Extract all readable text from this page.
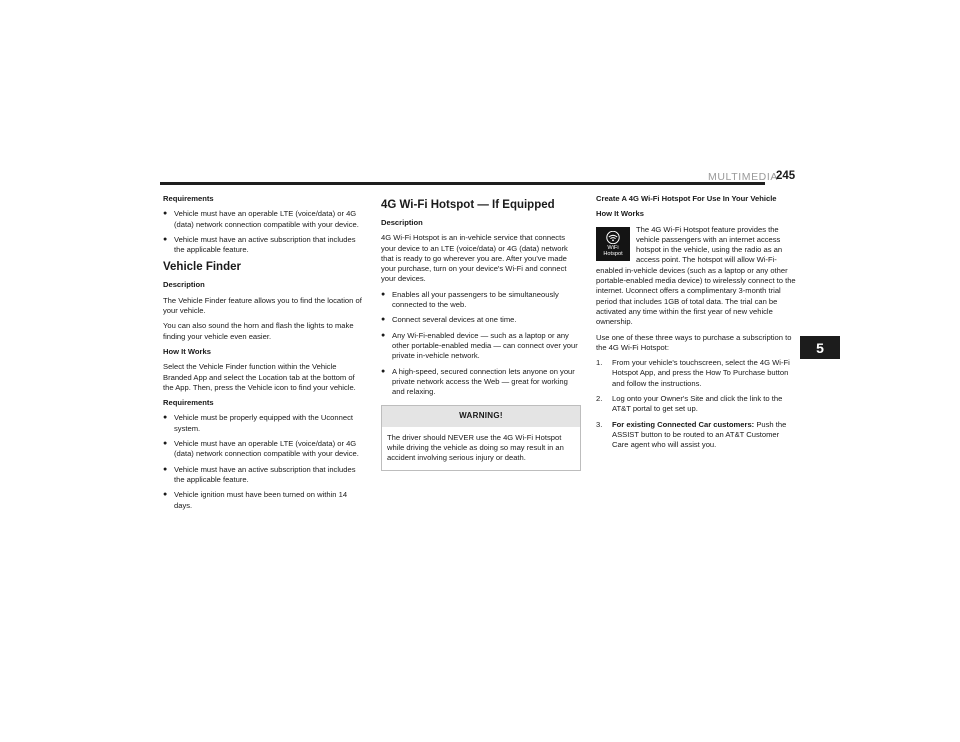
MULTIMEDIA
245
5

Requirements

● Vehicle must have an operable LTE (voice/data) or 4G (data) network connection compatible with your device.
● Vehicle must have an active subscription that includes the applicable feature.
Vehicle Finder

Description

The Vehicle Finder feature allows you to find the location of your vehicle.

You can also sound the horn and flash the lights to make finding your vehicle even easier.

How It Works

Select the Vehicle Finder function within the Vehicle Branded App and select the Location tab at the bottom of the App. Then, press the Vehicle icon to find your vehicle.

Requirements

● Vehicle must be properly equipped with the Uconnect system.
● Vehicle must have an operable LTE (voice/data) or 4G (data) network connection compatible with your device.
● Vehicle must have an active subscription that includes the applicable feature.
● Vehicle ignition must have been turned on within 14 days.
4G Wi-Fi Hotspot — If Equipped

Description

4G Wi-Fi Hotspot is an in-vehicle service that connects your device to an LTE (voice/data) or 4G (data) network that is ready to go wherever you are. After you've made your purchase, turn on your device's Wi-Fi and connect your devices.

● Enables all your passengers to be simultaneously connected to the web.
● Connect several devices at one time.
● Any Wi-Fi-enabled device — such as a laptop or any other portable-enabled media — can connect over your private in-vehicle network.
● A high-speed, secured connection lets anyone on your private network access the Web — great for working and relaxing.
WARNING!
The driver should NEVER use the 4G Wi-Fi Hotspot while driving the vehicle as doing so may result in an accident involving serious injury or death.

Create A 4G Wi-Fi Hotspot For Use In Your Vehicle

How It Works

WiFi
Hotspot

The 4G Wi-Fi Hotspot feature provides the vehicle passengers with an internet access hotspot in the vehicle, using the radio as an access point. The hotspot will allow Wi-Fi-enabled in-vehicle devices (such as a laptop or any other portable-enabled media device) to wirelessly connect to the internet. Uconnect offers a complimentary 3-month trial period that includes 1GB of total data. The trial can be activated any time within the first year of new vehicle ownership.

Use one of these three ways to purchase a subscription to the 4G Wi-Fi Hotspot:

1. From your vehicle's touchscreen, select the 4G Wi-Fi Hotspot App, and press the How To Purchase button and follow the instructions.
2. Log onto your Owner's Site and click the link to the AT&T portal to get set up.
3. For existing Connected Car customers: Push the ASSIST button to be routed to an AT&T Customer Care agent who will assist you.
